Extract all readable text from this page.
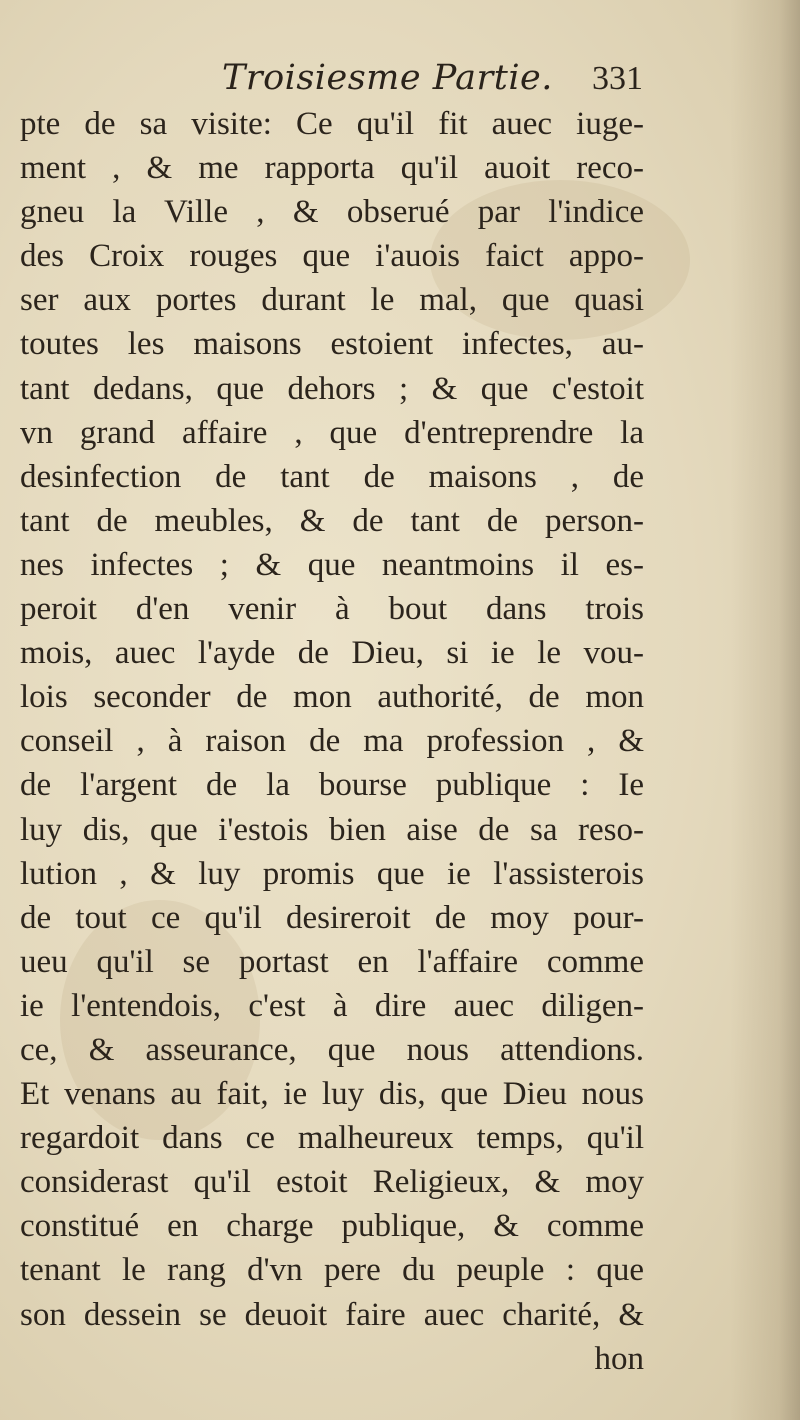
Troisiesme Partie. 331
pte de sa visite: Ce qu'il fit auec iuge-
ment , & me rapporta qu'il auoit reco-
gneu la Ville , & obserué par l'indice
des Croix rouges que i'auois faict appo-
ser aux portes durant le mal, que quasi
toutes les maisons estoient infectes, au-
tant dedans, que dehors ; & que c'estoit
vn grand affaire , que d'entreprendre la
desinfection de tant de maisons , de
tant de meubles, & de tant de person-
nes infectes ; & que neantmoins il es-
peroit d'en venir à bout dans trois
mois, auec l'ayde de Dieu, si ie le vou-
lois seconder de mon authorité, de mon
conseil , à raison de ma profession , &
de l'argent de la bourse publique : Ie
luy dis, que i'estois bien aise de sa reso-
lution , & luy promis que ie l'assisterois
de tout ce qu'il desireroit de moy pour-
ueu qu'il se portast en l'affaire comme
ie l'entendois, c'est à dire auec diligen-
ce, & asseurance, que nous attendions.
Et venans au fait, ie luy dis, que Dieu nous
regardoit dans ce malheureux temps, qu'il
considerast qu'il estoit Religieux, & moy
constitué en charge publique, & comme
tenant le rang d'vn pere du peuple : que
son dessein se deuoit faire auec charité, &
hon
